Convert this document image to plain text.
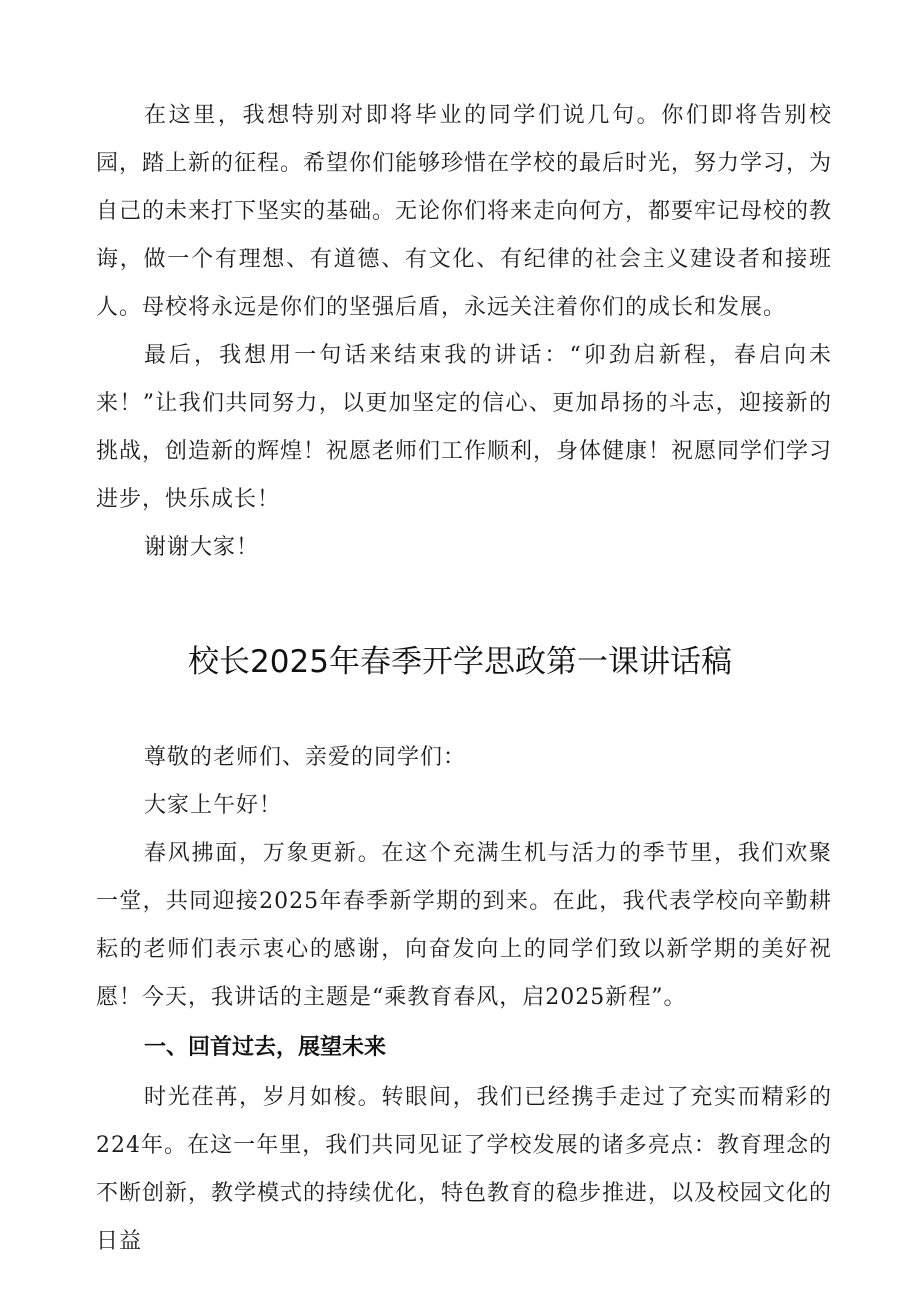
在这里，我想特别对即将毕业的同学们说几句。你们即将告别校园，踏上新的征程。希望你们能够珍惜在学校的最后时光，努力学习，为自己的未来打下坚实的基础。无论你们将来走向何方，都要牢记母校的教诲，做一个有理想、有道德、有文化、有纪律的社会主义建设者和接班人。母校将永远是你们的坚强后盾，永远关注着你们的成长和发展。

最后，我想用一句话来结束我的讲话：“卯劲启新程，春启向未来！”让我们共同努力，以更加坚定的信心、更加昂扬的斗志，迎接新的挑战，创造新的辉煌！祝愿老师们工作顺利，身体健康！祝愿同学们学习进步，快乐成长！

谢谢大家！

校长2025年春季开学思政第一课讲话稿

尊敬的老师们、亲爱的同学们：

大家上午好！

春风拂面，万象更新。在这个充满生机与活力的季节里，我们欢聚一堂，共同迎接2025年春季新学期的到来。在此，我代表学校向辛勤耕耘的老师们表示衷心的感谢，向奋发向上的同学们致以新学期的美好祝愿！今天，我讲话的主题是“乘教育春风，启2025新程”。

一、回首过去，展望未来

时光荏苒，岁月如梭。转眼间，我们已经携手走过了充实而精彩的224年。在这一年里，我们共同见证了学校发展的诸多亮点：教育理念的不断创新，教学模式的持续优化，特色教育的稳步推进，以及校园文化的日益
